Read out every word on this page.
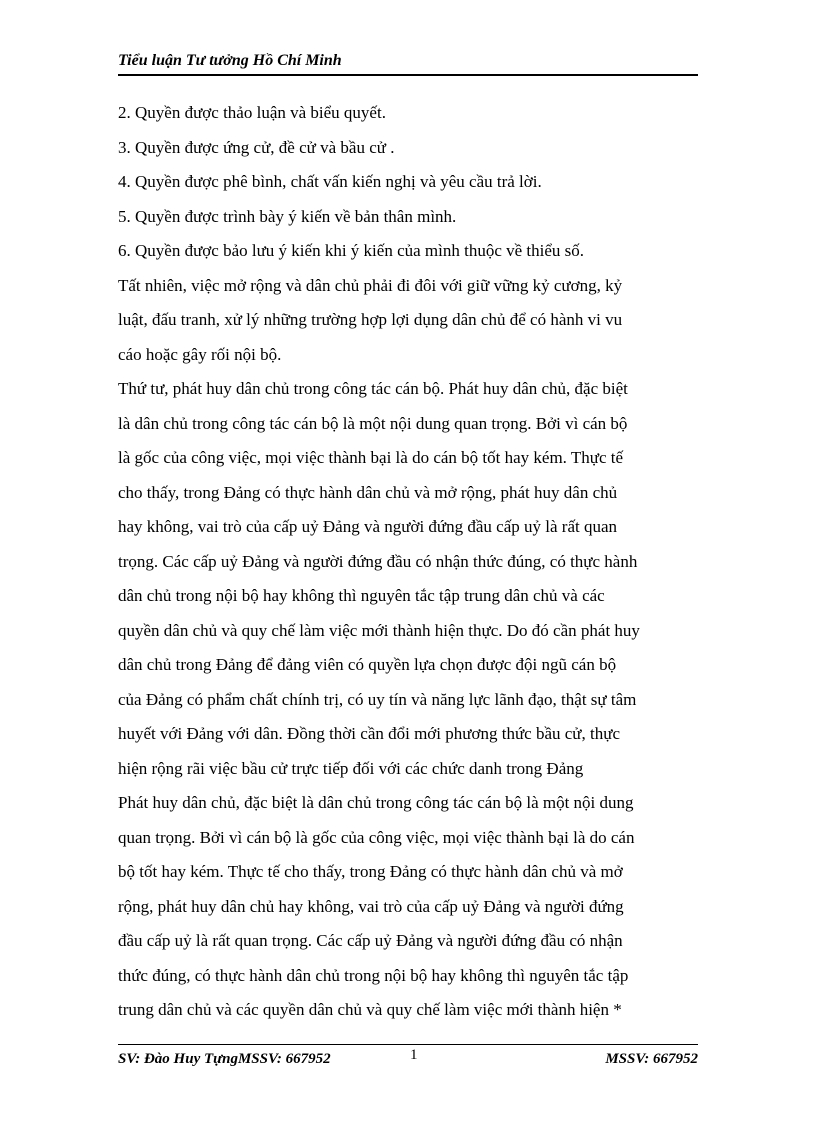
Tiểu luận Tư tưởng Hồ Chí Minh
2. Quyền được thảo luận và biểu quyết.
3. Quyền được ứng cử, đề cử và bầu cử .
4. Quyền được phê bình, chất vấn kiến nghị và yêu cầu trả lời.
5. Quyền được trình bày ý kiến về bản thân mình.
6. Quyền được bảo lưu ý kiến khi ý kiến của mình thuộc về thiểu số.
Tất nhiên, việc mở rộng và dân chủ phải đi đôi với giữ vững kỷ cương, kỷ
luật, đấu tranh, xử lý những trường hợp lợi dụng dân chủ để có hành vi vu
cáo hoặc gây rối nội bộ.
Thứ tư, phát huy dân chủ trong công tác cán bộ. Phát huy dân chủ, đặc biệt
là dân chủ trong công tác cán bộ là một nội dung quan trọng. Bởi vì cán bộ
là gốc của công việc, mọi việc thành bại là do cán bộ tốt hay kém. Thực tế
cho thấy, trong Đảng có thực hành dân chủ và mở rộng, phát huy dân chủ
hay không, vai trò của cấp uỷ Đảng và người đứng đầu cấp uỷ là rất quan
trọng. Các cấp uỷ Đảng và người đứng đầu có nhận thức đúng, có thực hành
dân chủ trong nội bộ hay không thì nguyên tắc tập trung dân chủ và các
quyền dân chủ và quy chế làm việc mới thành hiện thực. Do đó cần phát huy
dân chủ trong Đảng để đảng viên có quyền lựa chọn được đội ngũ cán bộ
của Đảng có phẩm chất chính trị, có uy tín và năng lực lãnh đạo, thật sự tâm
huyết với Đảng với dân. Đồng thời cần đổi mới phương thức bầu cử, thực
hiện rộng rãi việc bầu cử trực tiếp đối với các chức danh trong Đảng
Phát huy dân chủ, đặc biệt là dân chủ trong công tác cán bộ là một nội dung
quan trọng. Bởi vì cán bộ là gốc của công việc, mọi việc thành bại là do cán
bộ tốt hay kém. Thực tế cho thấy, trong Đảng có thực hành dân chủ và mở
rộng, phát huy dân chủ hay không, vai trò của cấp uỷ Đảng và người đứng
đầu cấp uỷ là rất quan trọng. Các cấp uỷ Đảng và người đứng đầu có nhận
thức đúng, có thực hành dân chủ trong nội bộ hay không thì nguyên tắc tập
trung dân chủ và các quyền dân chủ và quy chế làm việc mới thành hiện *
SV: Đào Huy TựngMSSV: 667952	1	MSSV: 667952
